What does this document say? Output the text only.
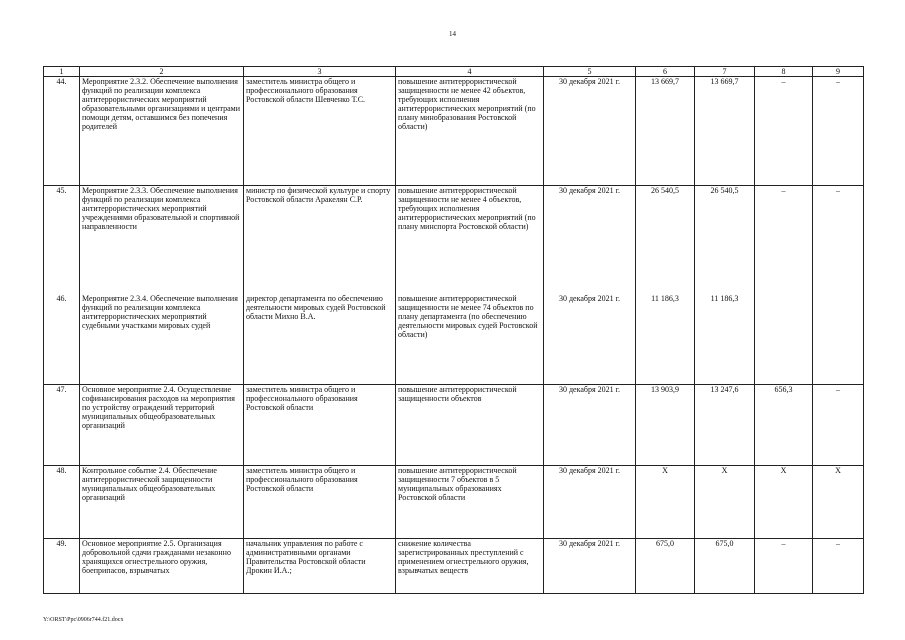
14
1	2	3	4	5	6	7	8	9
44.	Мероприятие 2.3.2. Обеспечение выполнения функций по реализации комплекса антитеррористических мероприятий образовательными организациями и центрами помощи детям, оставшимся без попечения родителей	заместитель министра общего и профессионального образования Ростовской области Шевченко Т.С.	повышение антитеррористической защищенности не менее 42 объектов, требующих исполнения антитеррористических мероприятий (по плану минобразования Ростовской области)	30 декабря 2021 г.	13 669,7	13 669,7	–	–
45.	Мероприятие 2.3.3. Обеспечение выполнения функций по реализации комплекса антитеррористических мероприятий учреждениями образовательной и спортивной направленности	министр по физической культуре и спорту Ростовской области Аракелян С.Р.	повышение антитеррористической защищенности не менее 4 объектов, требующих исполнения антитеррористических мероприятий (по плану минспорта Ростовской области)	30 декабря 2021 г.	26 540,5	26 540,5	–	–
46.	Мероприятие 2.3.4. Обеспечение выполнения функций по реализации комплекса антитеррористических мероприятий судебными участками мировых судей	директор департамента по обеспечению деятельности мировых судей Ростовской области Михно В.А.	повышение антитеррористической защищенности не менее 74 объектов по плану департамента (по обеспечению деятельности мировых судей Ростовской области)	30 декабря 2021 г.	11 186,3	11 186,3		
47.	Основное мероприятие 2.4. Осуществление софинансирования расходов на мероприятия по устройству ограждений территорий муниципальных общеобразовательных организаций	заместитель министра общего и профессионального образования Ростовской области	повышение антитеррористической защищенности объектов	30 декабря 2021 г.	13 903,9	13 247,6	656,3	–
48.	Контрольное событие 2.4. Обеспечение антитеррористической защищенности муниципальных общеобразовательных организаций	заместитель министра общего и профессионального образования Ростовской области	повышение антитеррористической защищенности 7 объектов в 5 муниципальных образованиях Ростовской области	30 декабря 2021 г.	Х	Х	Х	Х
49.	Основное мероприятие 2.5. Организация добровольной сдачи гражданами незаконно хранящихся огнестрельного оружия, боеприпасов, взрывчатых	начальник управления по работе с административными органами Правительства Ростовской области Дрокин И.А.;	снижение количества зарегистрированных преступлений с применением огнестрельного оружия, взрывчатых веществ	30 декабря 2021 г.	675,0	675,0	–	–
Y:\ORST\Ppc\0906r744.f21.docx
